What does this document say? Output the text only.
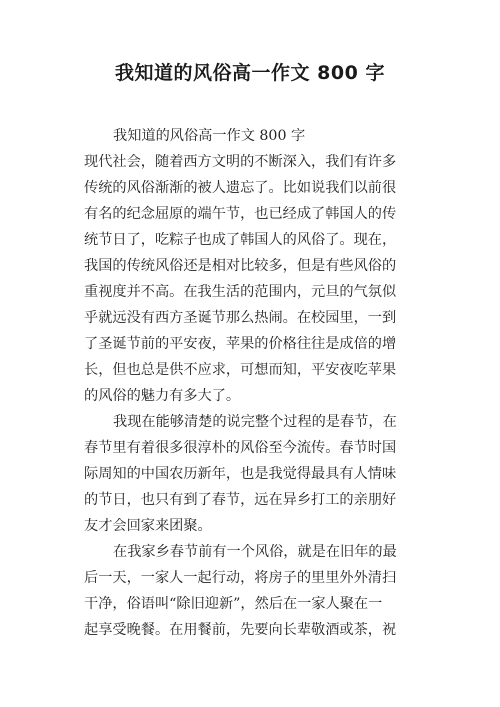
我知道的风俗高一作文 800 字
我知道的风俗高一作文 800 字
现代社会，随着西方文明的不断深入，我们有许多
传统的风俗渐渐的被人遗忘了。比如说我们以前很
有名的纪念屈原的端午节，也已经成了韩国人的传
统节日了，吃粽子也成了韩国人的风俗了。现在，
我国的传统风俗还是相对比较多，但是有些风俗的
重视度并不高。在我生活的范围内，元旦的气氛似
乎就远没有西方圣诞节那么热闹。在校园里，一到
了圣诞节前的平安夜，苹果的价格往往是成倍的增
长，但也总是供不应求，可想而知，平安夜吃苹果
的风俗的魅力有多大了。
我现在能够清楚的说完整个过程的是春节，在
春节里有着很多很淳朴的风俗至今流传。春节时国
际周知的中国农历新年，也是我觉得最具有人情味
的节日，也只有到了春节，远在异乡打工的亲朋好
友才会回家来团聚。
在我家乡春节前有一个风俗，就是在旧年的最
后一天，一家人一起行动，将房子的里里外外清扫
干净，俗语叫“除旧迎新”，然后在一家人聚在一
起享受晚餐。在用餐前，先要向长辈敬酒或茶，祝
